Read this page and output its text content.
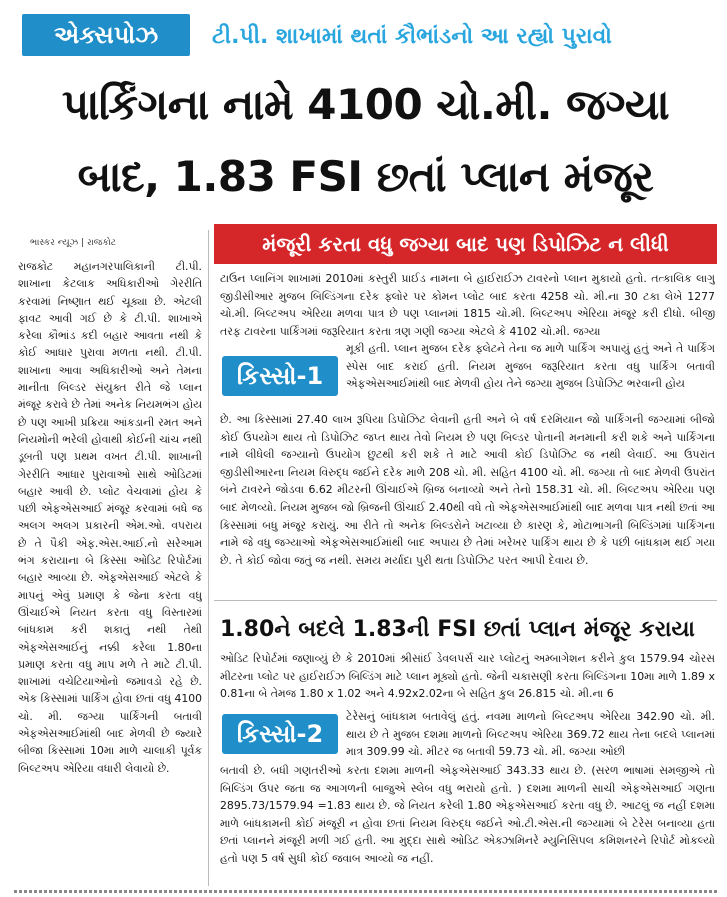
એક્સપોઝ	ટી.પી. શાખામાં થતાં કૌભાંડનો આ રહ્યો પુરાવો
પાર્કિંગના નામે 4100 ચો.મી. જગ્યા
બાદ, 1.83 FSI છતાં પ્લાન મંજૂર
ભાસ્કર ન્યૂઝ | રાજકોટ
રાજકોટ મહાનગરપાલિકાની ટી.પી. શાખાના કેટલાક અધિકારીઓ ગેરરીતિ કરવામાં નિષ્ણાત થઈ ચૂક્યા છે. એટલી ફાવટ આવી ગઈ છે કે ટી.પી. શાખાએ કરેલા કૌભાંડ કદી બહાર આવતા નથી કે કોઈ આધાર પુરાવા મળતા નથી. ટી.પી. શાખાના આવા અધિકારીઓ અને તેમના માનીતા બિલ્ડર સંયુક્ત રીતે જે પ્લાન મંજૂર કરાવે છે તેમાં અનેક નિયમભંગ હોય છે પણ આખી પ્રક્રિયા આંકડાની રમત અને નિયમોની ભરેલી હોવાથી કોઈની ચાંચ નથી ડૂબતી પણ પ્રથમ વખત ટી.પી. શાખાની ગેરરીતિ આધાર પુરાવાઓ સાથે ઓડિટમાં બહાર આવી છે. પ્લોટ વેચવામાં હોય કે પછી એફએસઆઈ મંજૂર કરવામાં બધે જ અલગ અલગ પ્રકારની એમ.ઓ. વપરાય છે તે પૈકી એફ.એસ.આઈ.નો સરેઆમ ભંગ કરાયાના બે કિસ્સા ઓડિટ રિપોર્ટમાં બહાર આવ્યા છે. એફએસઆઈ એટલે કે માપનું એવું પ્રમાણ કે જેના કરતા વધુ ઊંચાઈએ નિયત કરતા વધુ વિસ્તારમાં બાંધકામ કરી શકાતું નથી તેથી એફએસઆઈનું નક્કી કરેલા 1.80ના પ્રમાણ કરતા વધુ માપ મળે તે માટે ટી.પી. શાખામાં વચેટિયાઓનો જમાવડો રહે છે. એક કિસ્સામાં પાર્કિંગ હોવા છતાં વધુ 4100 ચો. મી. જગ્યા પાર્કિંગની બતાવી એફએસઆઈમાંથી બાદ મેળવી છે જ્યારે બીજા કિસ્સામાં 10મા માળે ચાલાકી પૂર્વક બિલ્ટઅપ એરિયા વધારી લેવાયો છે.
મંજૂરી કરતા વધુ જગ્યા બાદ પણ ડિપોઝિટ ન લીધી
ટાઉન પ્લાનિંગ શાખામાં 2010માં કસ્તુરી પ્રાઈડ નામના બે હાઈરાઈઝ ટાવરનો પ્લાન મુકાયો હતો. તત્કાલિક લાગુ જીડીસીઆર મુજબ બિલ્ડિંગના દરેક ફ્લોર પર કોમન પ્લોટ બાદ કરતા 4258 ચો. મી.ના 30 ટકા લેખે 1277 ચો.મી. બિલ્ટઅપ એરિયા મળવા પાત્ર છે પણ પ્લાનમાં 1815 ચો.મી. બિલ્ટઅપ એરિયા મંજૂર કરી દીધો. બીજી તરફ ટાવરના પાર્કિંગમાં જરૂરિયાત કરતા ત્રણ ગણી જગ્યા એટલે કે 4102 ચો.મી. જગ્યા
કિસ્સો-1
મૂકી હતી. પ્લાન મુજબ દરેક ફ્લેટને તેના જ માળે પાર્કિંગ અપાયું હતું અને તે પાર્કિંગ સ્પેસ બાદ કરાઈ હતી. નિયમ મુજબ જરૂરિયાત કરતા વધુ પાર્કિંગ બતાવી એફએસઆઈમાંથી બાદ મેળવી હોય તેને જગ્યા મુજબ ડિપોઝિટ ભરવાની હોય
છે. આ કિસ્સામાં 27.40 લાખ રૂપિયા ડિપોઝિટ લેવાની હતી અને બે વર્ષ દરમિયાન જો પાર્કિંગની જગ્યામાં બીજો કોઈ ઉપયોગ થાય તો ડિપોઝિટ જપ્ત થાય તેવો નિયમ છે પણ બિલ્ડર પોતાની મનમાની કરી શકે અને પાર્કિંગના નામે લીધેલી જગ્યાનો ઉપયોગ છુટથી કરી શકે તે માટે આવી કોઈ ડિપોઝિટ જ નથી લેવાઈ. આ ઉપરાંત જીડીસીઆરના નિયમ વિરુદ્ધ જઈને દરેક માળે 208 ચો. મી. સહિત 4100 ચો. મી. જગ્યા તો બાદ મેળવી ઉપરાંત બંને ટાવરને જોડવા 6.62 મીટરની ઊંચાઈએ બ્રિજ બનાવ્યો અને તેનો 158.31 ચો. મી. બિલ્ટઅપ એરિયા પણ બાદ મેળવ્યો. નિયમ મુજબ જો બ્રિજની ઊંચાઈ 2.40થી વધે તો એફએસઆઈમાંથી બાદ મળવા પાત્ર નથી છતાં આ કિસ્સામાં બધુ મંજૂર કરાયું. આ રીતે તો અનેક બિલ્ડરોને ખટાવ્યા છે કારણ કે, મોટાભાગની બિલ્ડિંગમાં પાર્કિંગના નામે જે વધુ જગ્યાઓ એફએસઆઈમાંથી બાદ અપાય છે તેમાં ખરેખર પાર્કિંગ થાય છે કે પછી બાંધકામ થઈ ગયા છે. તે કોઈ જોવા જતું જ નથી. સમય મર્યાદા પુરી થતા ડિપોઝિટ પરત આપી દેવાય છે.
1.80ને બદલે 1.83ની FSI છતાં પ્લાન મંજૂર કરાયા
ઓડિટ રિપોર્ટમાં જણાવ્યું છે કે 2010માં શ્રીસાંઈ ડેવલપર્સ ચાર પ્લોટનું અમ્બાગેશન કરીને કુલ 1579.94 ચોરસ મીટરના પ્લોટ પર હાઈરાઈઝ બિલ્ડિંગ માટે પ્લાન મૂક્યો હતો. જેની ચકાસણી કરતા બિલ્ડિંગના 10મા માળે 1.89 x 0.81ના બે તેમજ 1.80 x 1.02 અને 4.92x2.02ના બે સહિત કુલ 26.815 ચો. મી.ના 6
કિસ્સો-2
ટેરેસનું બાંધકામ બતાવેલું હતું. નવમા માળનો બિલ્ટઅપ એરિયા 342.90 ચો. મી. થાય છે તે મુજબ દશમા માળનો બિલ્ટઅપ એરિયા 369.72 થાય તેના બદલે પ્લાનમાં માત્ર 309.99 ચો. મીટર જ બતાવી 59.73 ચો. મી. જગ્યા ઓછી
બતાવી છે. બધી ગણતરીઓ કરતા દશમા માળની એફએસઆઈ 343.33 થાય છે. (સરળ ભાષામાં સમજીએ તો બિલ્ડિંગ ઉપર જતા જ આગળની બાજુએ સ્લેબ વધુ ભરાયો હતો. ) દશમા માળની સાચી એફએસઆઈ ગણતા 2895.73/1579.94 =1.83 થાય છે. જે નિયત કરેલી 1.80 એફએસઆઈ કરતા વધુ છે. આટલું જ નહીં દશમા માળે બાંધકામની કોઈ મંજૂરી ન હોવા છતાં નિયમ વિરુદ્ધ જઈને ઓ.ટી.એસ.ની જગ્યામાં બે ટેરેસ બનાવ્યા હતા છતાં પ્લાનને મંજૂરી મળી ગઈ હતી. આ મુદ્દા સાથે ઓડિટ એક્ઝામિનરે મ્યુનિસિપલ કમિશનરને રિપોર્ટ મોકલ્યો હતો પણ 5 વર્ષ સુધી કોઈ જવાબ આવ્યો જ નહીં.
